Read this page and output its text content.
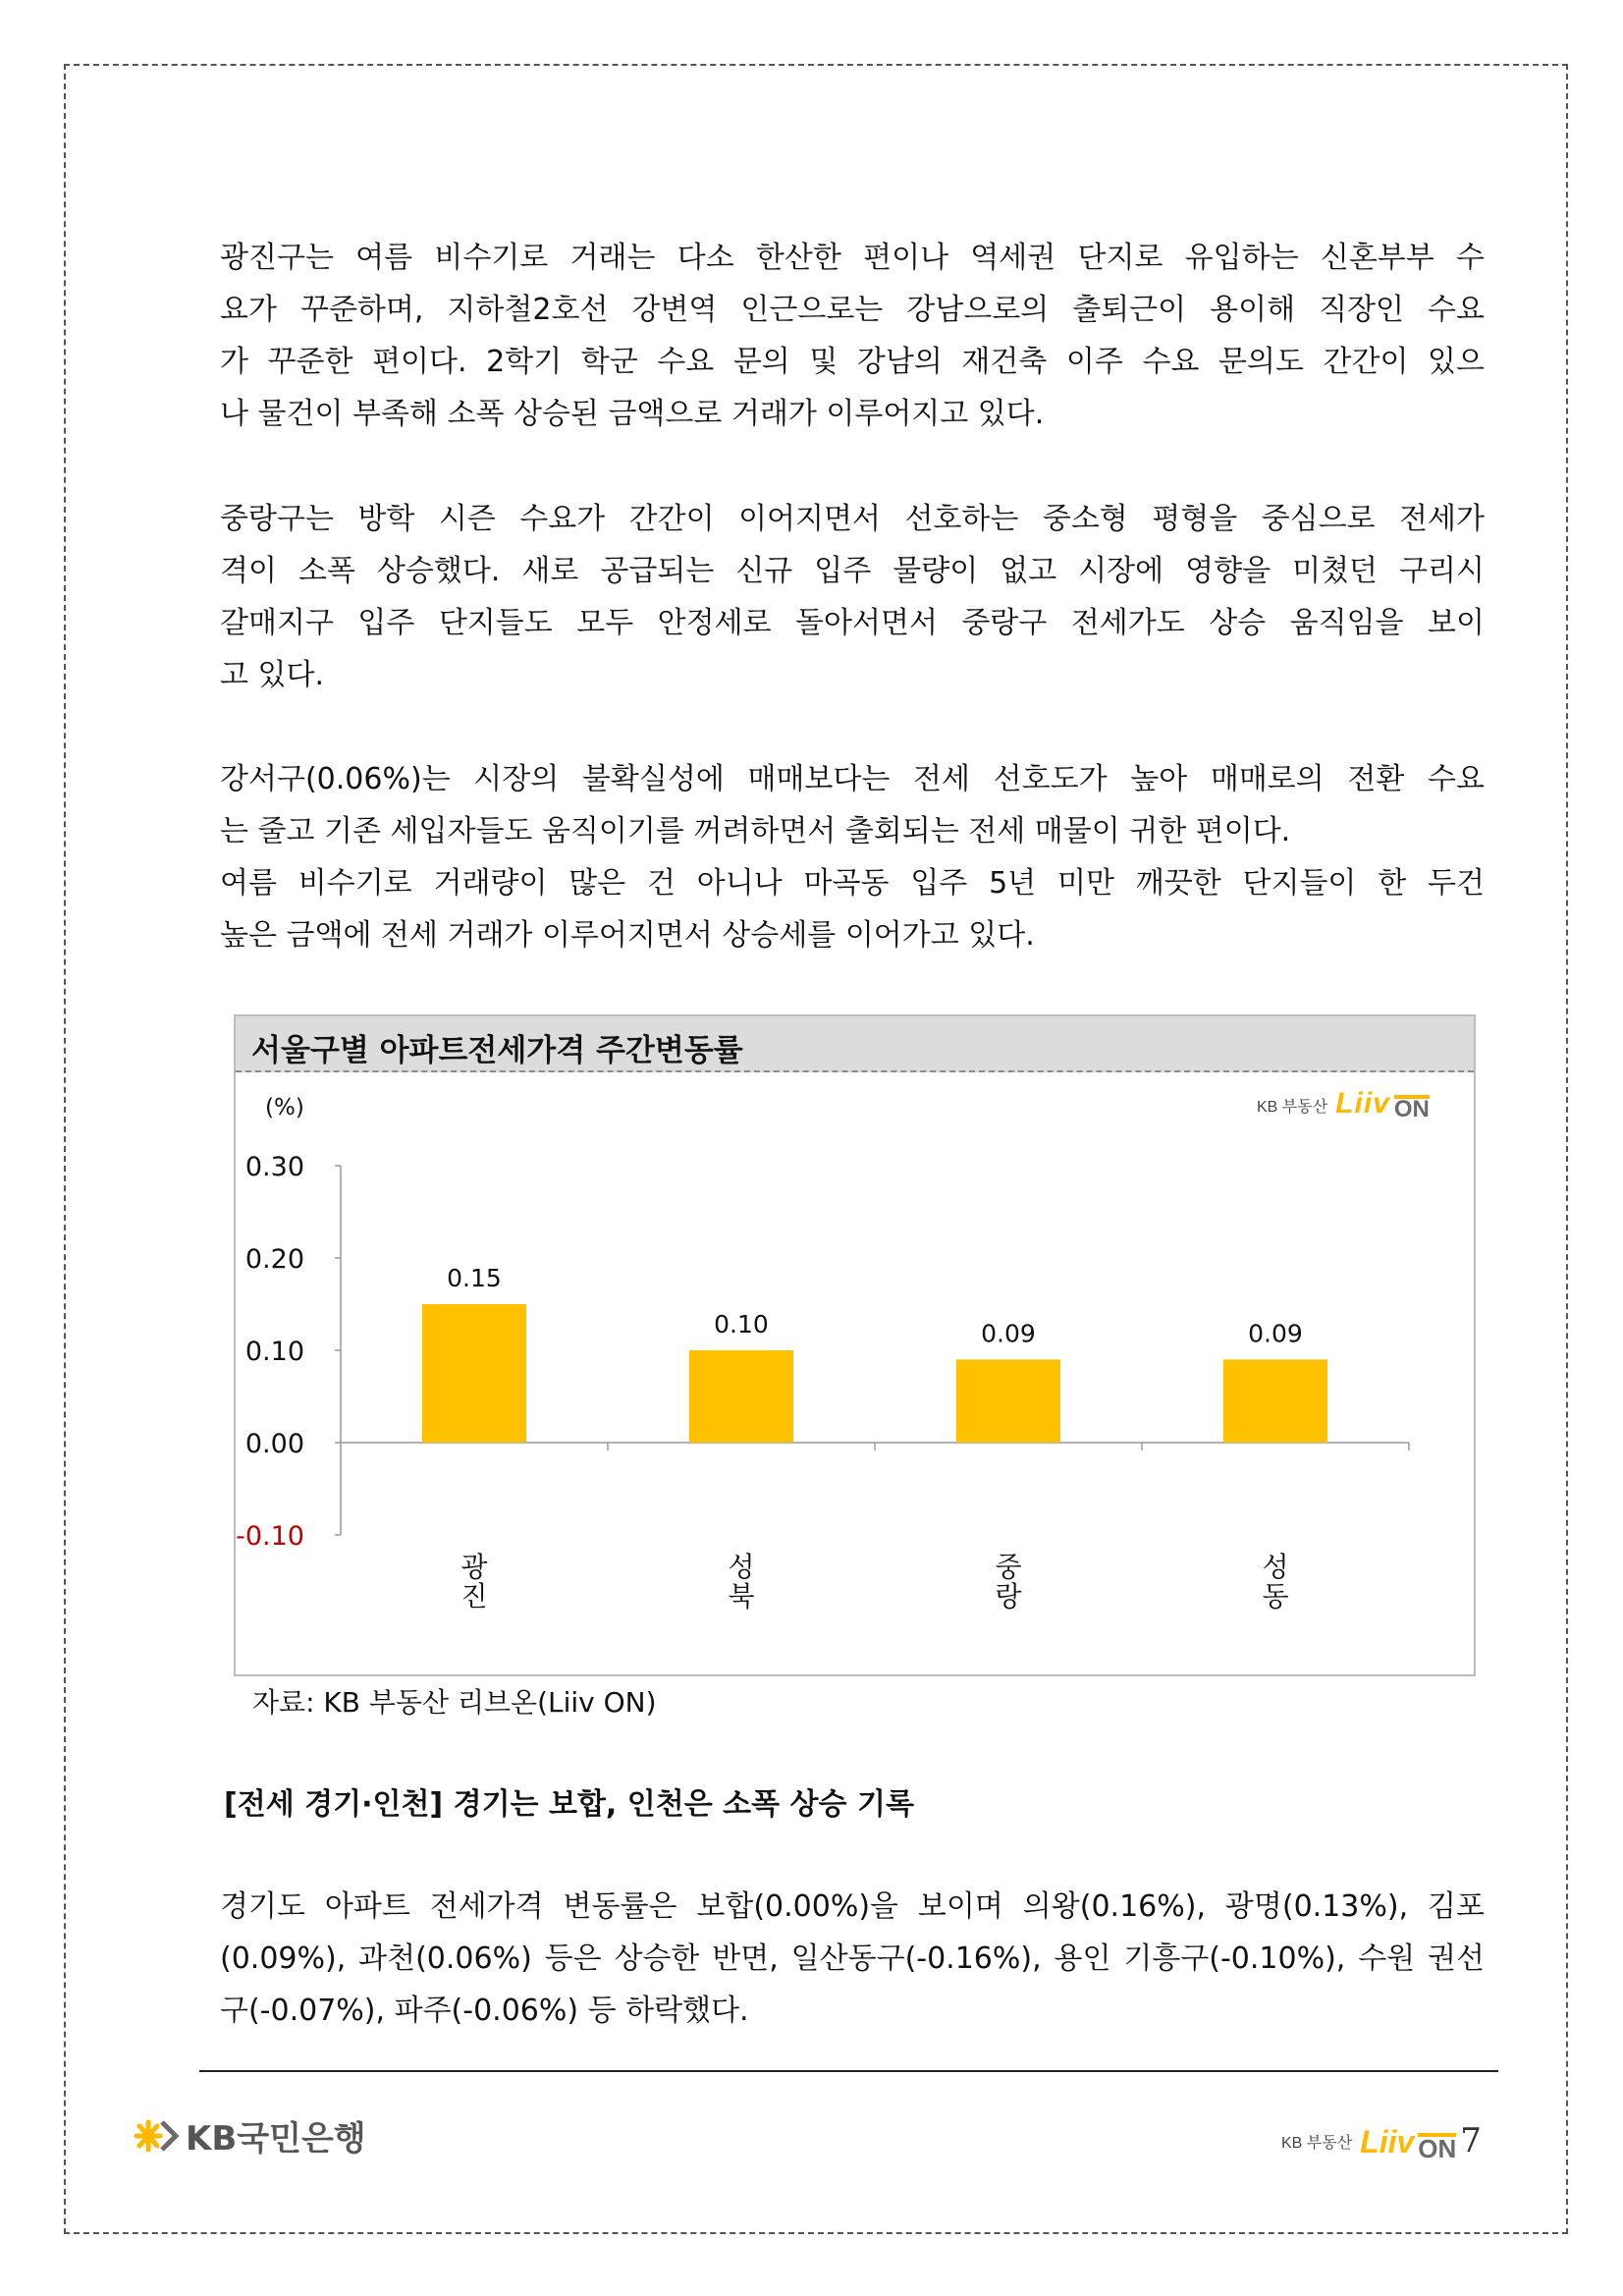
광진구는 여름 비수기로 거래는 다소 한산한 편이나 역세권 단지로 유입하는 신혼부부 수
요가 꾸준하며, 지하철2호선 강변역 인근으로는 강남으로의 출퇴근이 용이해 직장인 수요
가 꾸준한 편이다. 2학기 학군 수요 문의 및 강남의 재건축 이주 수요 문의도 간간이 있으
나 물건이 부족해 소폭 상승된 금액으로 거래가 이루어지고 있다.
중랑구는 방학 시즌 수요가 간간이 이어지면서 선호하는 중소형 평형을 중심으로 전세가
격이 소폭 상승했다. 새로 공급되는 신규 입주 물량이 없고 시장에 영향을 미쳤던 구리시
갈매지구 입주 단지들도 모두 안정세로 돌아서면서 중랑구 전세가도 상승 움직임을 보이
고 있다.
강서구(0.06%)는 시장의 불확실성에 매매보다는 전세 선호도가 높아 매매로의 전환 수요
는 줄고 기존 세입자들도 움직이기를 꺼려하면서 출회되는 전세 매물이 귀한 편이다.
여름 비수기로 거래량이 많은 건 아니나 마곡동 입주 5년 미만 깨끗한 단지들이 한 두건
높은 금액에 전세 거래가 이루어지면서 상승세를 이어가고 있다.
서울구별 아파트전세가격 주간변동률
(%)	KB 부동산 Liiv ON
0.30
0.20
0.10
0.00
-0.10
0.15
광 진
0.10
성 북
0.09
중 랑
0.09
성 동
자료: KB 부동산 리브온(Liiv ON)
[전세 경기·인천] 경기는 보합, 인천은 소폭 상승 기록
경기도 아파트 전세가격 변동률은 보합(0.00%)을 보이며 의왕(0.16%), 광명(0.13%), 김포
(0.09%), 과천(0.06%) 등은 상승한 반면, 일산동구(-0.16%), 용인 기흥구(-0.10%), 수원 권선
구(-0.07%), 파주(-0.06%) 등 하락했다.
KB국민은행	KB 부동산 Liiv ON 7
